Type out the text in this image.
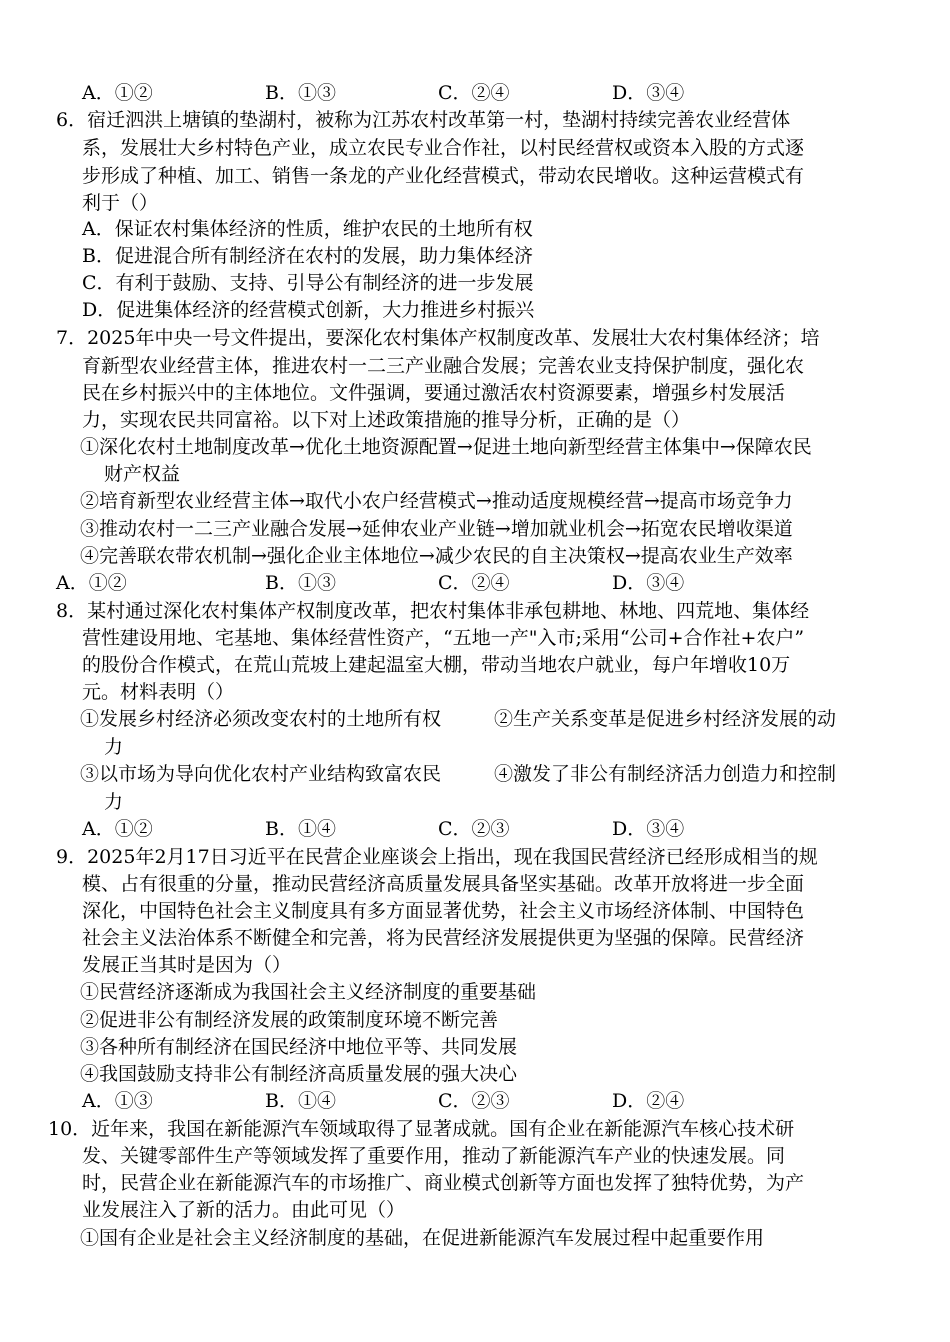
A．①②	B．①③	C．②④	D．③④
6．宿迁泗洪上塘镇的垫湖村，被称为江苏农村改革第一村，垫湖村持续完善农业经营体
系，发展壮大乡村特色产业，成立农民专业合作社，以村民经营权或资本入股的方式逐
步形成了种植、加工、销售一条龙的产业化经营模式，带动农民增收。这种运营模式有
利于（）
A．保证农村集体经济的性质，维护农民的土地所有权
B．促进混合所有制经济在农村的发展，助力集体经济
C．有利于鼓励、支持、引导公有制经济的进一步发展
D．促进集体经济的经营模式创新，大力推进乡村振兴
7．2025年中央一号文件提出，要深化农村集体产权制度改革、发展壮大农村集体经济；培
育新型农业经营主体，推进农村一二三产业融合发展；完善农业支持保护制度，强化农
民在乡村振兴中的主体地位。文件强调，要通过激活农村资源要素，增强乡村发展活
力，实现农民共同富裕。以下对上述政策措施的推导分析，正确的是（）
①深化农村土地制度改革→优化土地资源配置→促进土地向新型经营主体集中→保障农民
财产权益
②培育新型农业经营主体→取代小农户经营模式→推动适度规模经营→提高市场竞争力
③推动农村一二三产业融合发展→延伸农业产业链→增加就业机会→拓宽农民增收渠道
④完善联农带农机制→强化企业主体地位→减少农民的自主决策权→提高农业生产效率
A．①②	B．①③	C．②④	D．③④
8．某村通过深化农村集体产权制度改革，把农村集体非承包耕地、林地、四荒地、集体经
营性建设用地、宅基地、集体经营性资产，“五地一产"入市;采用“公司+合作社+农户”
的股份合作模式，在荒山荒坡上建起温室大棚，带动当地农户就业，每户年增收10万
元。材料表明（）
①发展乡村经济必须改变农村的土地所有权	②生产关系变革是促进乡村经济发展的动
力
③以市场为导向优化农村产业结构致富农民	④激发了非公有制经济活力创造力和控制
力
A．①②	B．①④	C．②③	D．③④
9．2025年2月17日习近平在民营企业座谈会上指出，现在我国民营经济已经形成相当的规
模、占有很重的分量，推动民营经济高质量发展具备坚实基础。改革开放将进一步全面
深化，中国特色社会主义制度具有多方面显著优势，社会主义市场经济体制、中国特色
社会主义法治体系不断健全和完善，将为民营经济发展提供更为坚强的保障。民营经济
发展正当其时是因为（）
①民营经济逐渐成为我国社会主义经济制度的重要基础
②促进非公有制经济发展的政策制度环境不断完善
③各种所有制经济在国民经济中地位平等、共同发展
④我国鼓励支持非公有制经济高质量发展的强大决心
A．①③	B．①④	C．②③	D．②④
10．近年来，我国在新能源汽车领域取得了显著成就。国有企业在新能源汽车核心技术研
发、关键零部件生产等领域发挥了重要作用，推动了新能源汽车产业的快速发展。同
时，民营企业在新能源汽车的市场推广、商业模式创新等方面也发挥了独特优势，为产
业发展注入了新的活力。由此可见（）
①国有企业是社会主义经济制度的基础，在促进新能源汽车发展过程中起重要作用
